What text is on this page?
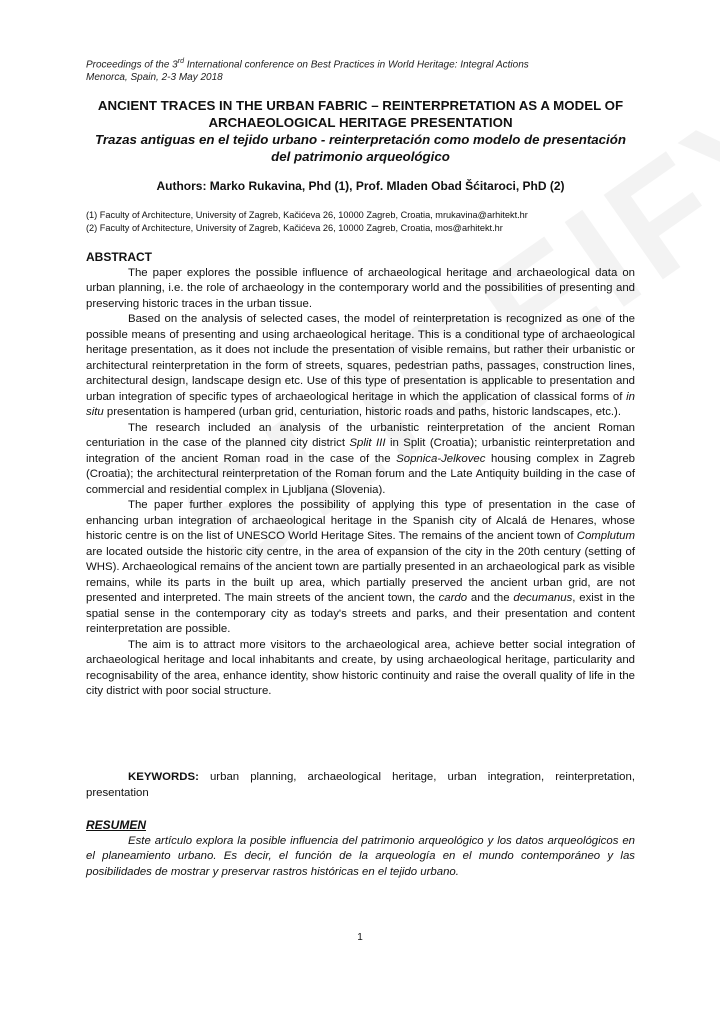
Proceedings of the 3rd International conference on Best Practices in World Heritage: Integral Actions
Menorca, Spain, 2-3 May 2018
ANCIENT TRACES IN THE URBAN FABRIC – REINTERPRETATION AS A MODEL OF ARCHAEOLOGICAL HERITAGE PRESENTATION
Trazas antiguas en el tejido urbano - reinterpretación como modelo de presentación del patrimonio arqueológico
Authors: Marko Rukavina, Phd (1), Prof. Mladen Obad Šćitaroci, PhD (2)
(1) Faculty of Architecture, University of Zagreb, Kačićeva 26, 10000 Zagreb, Croatia, mrukavina@arhitekt.hr
(2) Faculty of Architecture, University of Zagreb, Kačićeva 26, 10000 Zagreb, Croatia, mos@arhitekt.hr

ABSTRACT

The paper explores the possible influence of archaeological heritage and archaeological data on urban planning, i.e. the role of archaeology in the contemporary world and the possibilities of presenting and preserving historic traces in the urban tissue.

Based on the analysis of selected cases, the model of reinterpretation is recognized as one of the possible means of presenting and using archaeological heritage. This is a conditional type of archaeological heritage presentation, as it does not include the presentation of visible remains, but rather their urbanistic or architectural reinterpretation in the form of streets, squares, pedestrian paths, passages, construction lines, architectural design, landscape design etc. Use of this type of presentation is applicable to presentation and urban integration of specific types of archaeological heritage in which the application of classical forms of in situ presentation is hampered (urban grid, centuriation, historic roads and paths, historic landscapes, etc.).

The research included an analysis of the urbanistic reinterpretation of the ancient Roman centuriation in the case of the planned city district Split III in Split (Croatia); urbanistic reinterpretation and integration of the ancient Roman road in the case of the Sopnica-Jelkovec housing complex in Zagreb (Croatia); the architectural reinterpretation of the Roman forum and the Late Antiquity building in the case of commercial and residential complex in Ljubljana (Slovenia).

The paper further explores the possibility of applying this type of presentation in the case of enhancing urban integration of archaeological heritage in the Spanish city of Alcalá de Henares, whose historic centre is on the list of UNESCO World Heritage Sites. The remains of the ancient town of Complutum are located outside the historic city centre, in the area of expansion of the city in the 20th century (setting of WHS). Archaeological remains of the ancient town are partially presented in an archaeological park as visible remains, while its parts in the built up area, which partially preserved the ancient urban grid, are not presented and interpreted. The main streets of the ancient town, the cardo and the decumanus, exist in the spatial sense in the contemporary city as today's streets and parks, and their presentation and content reinterpretation are possible.

The aim is to attract more visitors to the archaeological area, achieve better social integration of archaeological heritage and local inhabitants and create, by using archaeological heritage, particularity and recognisability of the area, enhance identity, show historic continuity and raise the overall quality of life in the city district with poor social structure.

KEYWORDS: urban planning, archaeological heritage, urban integration, reinterpretation, presentation

RESUMEN

Este artículo explora la posible influencia del patrimonio arqueológico y los datos arqueológicos en el planeamiento urbano. Es decir, el función de la arqueología en el mundo contemporáneo y las posibilidades de mostrar y preservar rastros históricas en el tejido urbano.

1
